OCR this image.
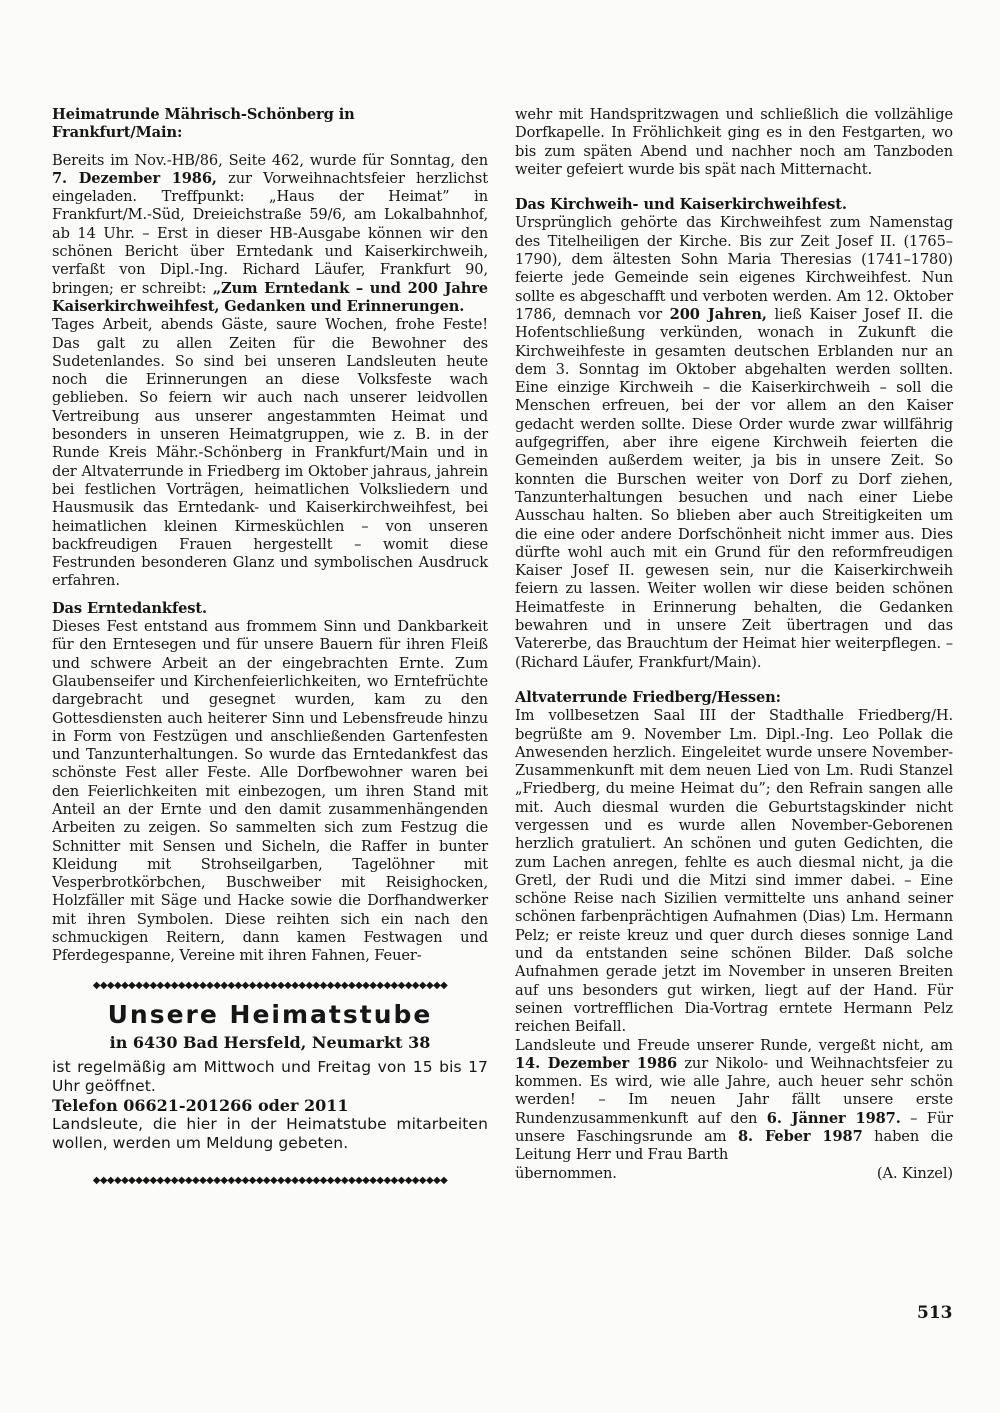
Heimatrunde Mährisch-Schönberg in Frankfurt/Main:

Bereits im Nov.-HB/86, Seite 462, wurde für Sonntag, den 7. Dezember 1986, zur Vorweihnachtsfeier herzlichst eingeladen. Treffpunkt: „Haus der Heimat” in Frankfurt/M.-Süd, Dreieichstraße 59/6, am Lokalbahnhof, ab 14 Uhr. – Erst in dieser HB-Ausgabe können wir den schönen Bericht über Erntedank und Kaiserkirchweih, verfaßt von Dipl.-Ing. Richard Läufer, Frankfurt 90, bringen; er schreibt: „Zum Erntedank – und 200 Jahre Kaiserkirchweihfest, Gedanken und Erinnerungen.

Tages Arbeit, abends Gäste, saure Wochen, frohe Feste! Das galt zu allen Zeiten für die Bewohner des Sudetenlandes. So sind bei unseren Landsleuten heute noch die Erinnerungen an diese Volksfeste wach geblieben. So feiern wir auch nach unserer leidvollen Vertreibung aus unserer angestammten Heimat und besonders in unseren Heimatgruppen, wie z. B. in der Runde Kreis Mähr.-Schönberg in Frankfurt/Main und in der Altvaterrunde in Friedberg im Oktober jahraus, jahrein bei festlichen Vorträgen, heimatlichen Volksliedern und Hausmusik das Erntedank- und Kaiserkirchweihfest, bei heimatlichen kleinen Kirmesküchlen – von unseren backfreudigen Frauen hergestellt – womit diese Festrunden besonderen Glanz und symbolischen Ausdruck erfahren.

Das Erntedankfest.

Dieses Fest entstand aus frommem Sinn und Dankbarkeit für den Erntesegen und für unsere Bauern für ihren Fleiß und schwere Arbeit an der eingebrachten Ernte. Zum Glaubenseifer und Kirchenfeierlichkeiten, wo Erntefrüchte dargebracht und gesegnet wurden, kam zu den Gottesdiensten auch heiterer Sinn und Lebensfreude hinzu in Form von Festzügen und anschließenden Gartenfesten und Tanzunterhaltungen. So wurde das Erntedankfest das schönste Fest aller Feste. Alle Dorfbewohner waren bei den Feierlichkeiten mit einbezogen, um ihren Stand mit Anteil an der Ernte und den damit zusammenhängenden Arbeiten zu zeigen. So sammelten sich zum Festzug die Schnitter mit Sensen und Sicheln, die Raffer in bunter Kleidung mit Strohseilgarben, Tagelöhner mit Vesperbrotkörbchen, Buschweiber mit Reisighocken, Holzfäller mit Säge und Hacke sowie die Dorfhandwerker mit ihren Symbolen. Diese reihten sich ein nach den schmuckigen Reitern, dann kamen Festwagen und Pferdegespanne, Vereine mit ihren Fahnen, Feuer-

◆◆◆◆◆◆◆◆◆◆◆◆◆◆◆◆◆◆◆◆◆◆◆◆◆◆◆◆◆◆◆◆◆◆◆◆◆◆◆◆◆◆◆◆◆◆◆◆◆◆
Unsere Heimatstube
in 6430 Bad Hersfeld, Neumarkt 38
ist regelmäßig am Mittwoch und Freitag von 15 bis 17 Uhr geöffnet.
Telefon 06621-201266 oder 2011
Landsleute, die hier in der Heimatstube mitarbeiten wollen, werden um Meldung gebeten.
◆◆◆◆◆◆◆◆◆◆◆◆◆◆◆◆◆◆◆◆◆◆◆◆◆◆◆◆◆◆◆◆◆◆◆◆◆◆◆◆◆◆◆◆◆◆◆◆◆◆

wehr mit Handspritzwagen und schließlich die vollzählige Dorfkapelle. In Fröhlichkeit ging es in den Festgarten, wo bis zum späten Abend und nachher noch am Tanzboden weiter gefeiert wurde bis spät nach Mitternacht.

Das Kirchweih- und Kaiserkirchweihfest.

Ursprünglich gehörte das Kirchweihfest zum Namenstag des Titelheiligen der Kirche. Bis zur Zeit Josef II. (1765–1790), dem ältesten Sohn Maria Theresias (1741–1780) feierte jede Gemeinde sein eigenes Kirchweihfest. Nun sollte es abgeschafft und verboten werden. Am 12. Oktober 1786, demnach vor 200 Jahren, ließ Kaiser Josef II. die Hofentschließung verkünden, wonach in Zukunft die Kirchweihfeste in gesamten deutschen Erblanden nur an dem 3. Sonntag im Oktober abgehalten werden sollten. Eine einzige Kirchweih – die Kaiserkirchweih – soll die Menschen erfreuen, bei der vor allem an den Kaiser gedacht werden sollte. Diese Order wurde zwar willfährig aufgegriffen, aber ihre eigene Kirchweih feierten die Gemeinden außerdem weiter, ja bis in unsere Zeit. So konnten die Burschen weiter von Dorf zu Dorf ziehen, Tanzunterhaltungen besuchen und nach einer Liebe Ausschau halten. So blieben aber auch Streitigkeiten um die eine oder andere Dorfschönheit nicht immer aus. Dies dürfte wohl auch mit ein Grund für den reformfreudigen Kaiser Josef II. gewesen sein, nur die Kaiserkirchweih feiern zu lassen. Weiter wollen wir diese beiden schönen Heimatfeste in Erinnerung behalten, die Gedanken bewahren und in unsere Zeit übertragen und das Vatererbe, das Brauchtum der Heimat hier weiterpflegen. – (Richard Läufer, Frankfurt/Main).

Altvaterrunde Friedberg/Hessen:

Im vollbesetzen Saal III der Stadthalle Friedberg/H. begrüßte am 9. November Lm. Dipl.-Ing. Leo Pollak die Anwesenden herzlich. Eingeleitet wurde unsere November-Zusammenkunft mit dem neuen Lied von Lm. Rudi Stanzel „Friedberg, du meine Heimat du”; den Refrain sangen alle mit. Auch diesmal wurden die Geburtstagskinder nicht vergessen und es wurde allen November-Geborenen herzlich gratuliert. An schönen und guten Gedichten, die zum Lachen anregen, fehlte es auch diesmal nicht, ja die Gretl, der Rudi und die Mitzi sind immer dabei. – Eine schöne Reise nach Sizilien vermittelte uns anhand seiner schönen farbenprächtigen Aufnahmen (Dias) Lm. Hermann Pelz; er reiste kreuz und quer durch dieses sonnige Land und da entstanden seine schönen Bilder. Daß solche Aufnahmen gerade jetzt im November in unseren Breiten auf uns besonders gut wirken, liegt auf der Hand. Für seinen vortrefflichen Dia-Vortrag erntete Hermann Pelz reichen Beifall.

Landsleute und Freude unserer Runde, vergeßt nicht, am 14. Dezember 1986 zur Nikolo- und Weihnachtsfeier zu kommen. Es wird, wie alle Jahre, auch heuer sehr schön werden! – Im neuen Jahr fällt unsere erste Rundenzusammenkunft auf den 6. Jänner 1987. – Für unsere Faschingsrunde am 8. Feber 1987 haben die Leitung Herr und Frau Barth

übernommen.	(A. Kinzel)

513
